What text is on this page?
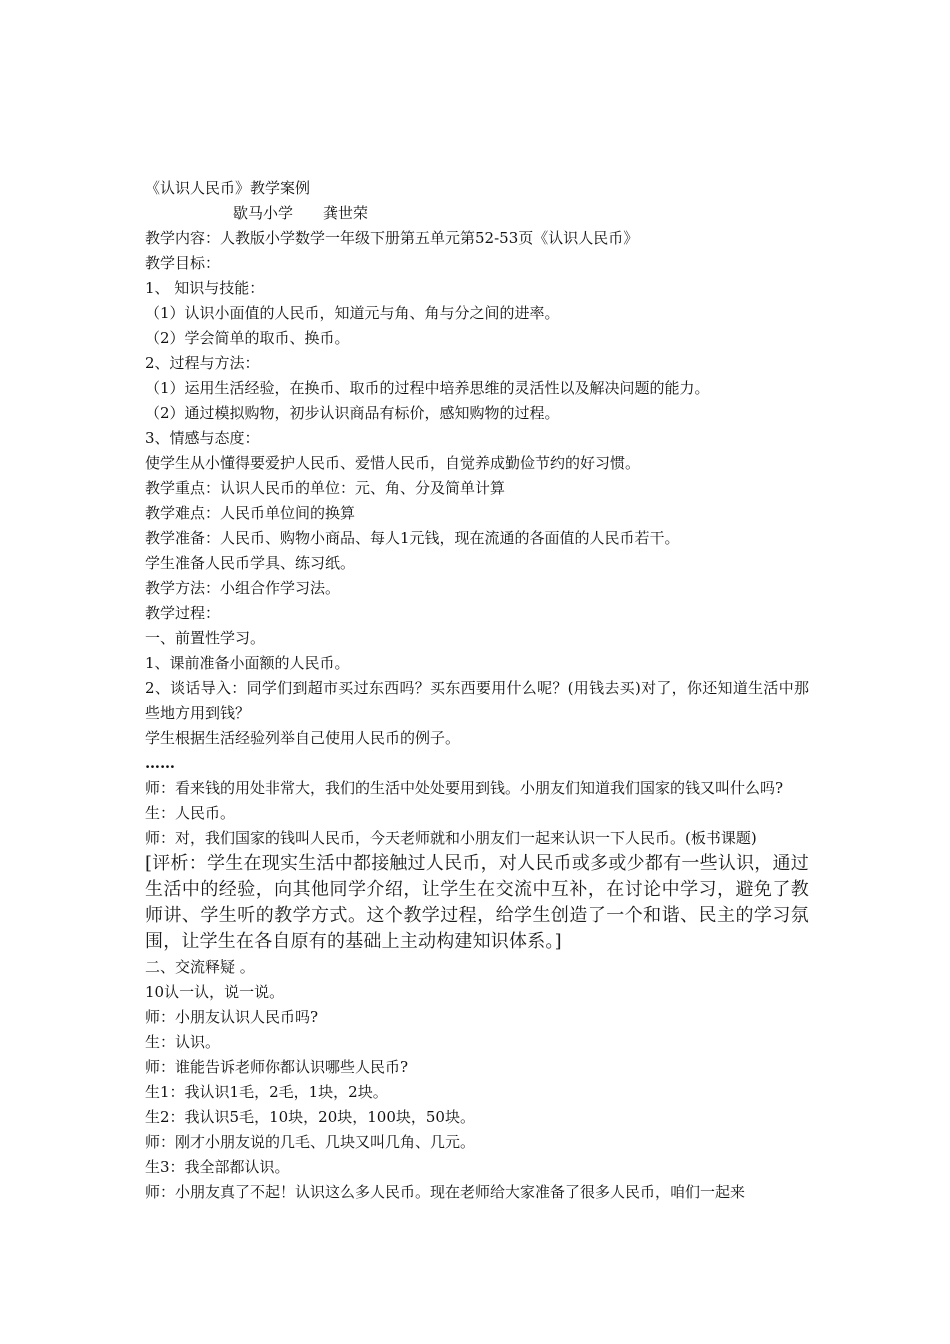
《认识人民币》教学案例
歇马小学 龚世荣
教学内容：人教版小学数学一年级下册第五单元第52-53页《认识人民币》
教学目标：
1、 知识与技能：
（1）认识小面值的人民币，知道元与角、角与分之间的进率。
（2）学会简单的取币、换币。
2、过程与方法：
（1）运用生活经验，在换币、取币的过程中培养思维的灵活性以及解决问题的能力。
（2）通过模拟购物，初步认识商品有标价，感知购物的过程。
3、情感与态度：
使学生从小懂得要爱护人民币、爱惜人民币，自觉养成勤俭节约的好习惯。
教学重点：认识人民币的单位：元、角、分及简单计算
教学难点：人民币单位间的换算
教学准备：人民币、购物小商品、每人1元钱，现在流通的各面值的人民币若干。
学生准备人民币学具、练习纸。
教学方法：小组合作学习法。
教学过程：
一、前置性学习。
1、课前准备小面额的人民币。
2、谈话导入：同学们到超市买过东西吗？买东西要用什么呢？(用钱去买)对了，你还知道生活中那些地方用到钱？
学生根据生活经验列举自己使用人民币的例子。
……
师：看来钱的用处非常大，我们的生活中处处要用到钱。小朋友们知道我们国家的钱又叫什么吗?
生：人民币。
师：对，我们国家的钱叫人民币，今天老师就和小朋友们一起来认识一下人民币。(板书课题)
[评析：学生在现实生活中都接触过人民币，对人民币或多或少都有一些认识，通过生活中的经验，向其他同学介绍，让学生在交流中互补，在讨论中学习，避免了教师讲、学生听的教学方式。这个教学过程，给学生创造了一个和谐、民主的学习氛围，让学生在各自原有的基础上主动构建知识体系。]
二、交流释疑 。
10认一认，说一说。
师：小朋友认识人民币吗?
生：认识。
师：谁能告诉老师你都认识哪些人民币?
生1：我认识1毛，2毛，1块，2块。
生2：我认识5毛，10块，20块，100块，50块。
师：刚才小朋友说的几毛、几块又叫几角、几元。
生3：我全部都认识。
师：小朋友真了不起！认识这么多人民币。现在老师给大家准备了很多人民币，咱们一起来
